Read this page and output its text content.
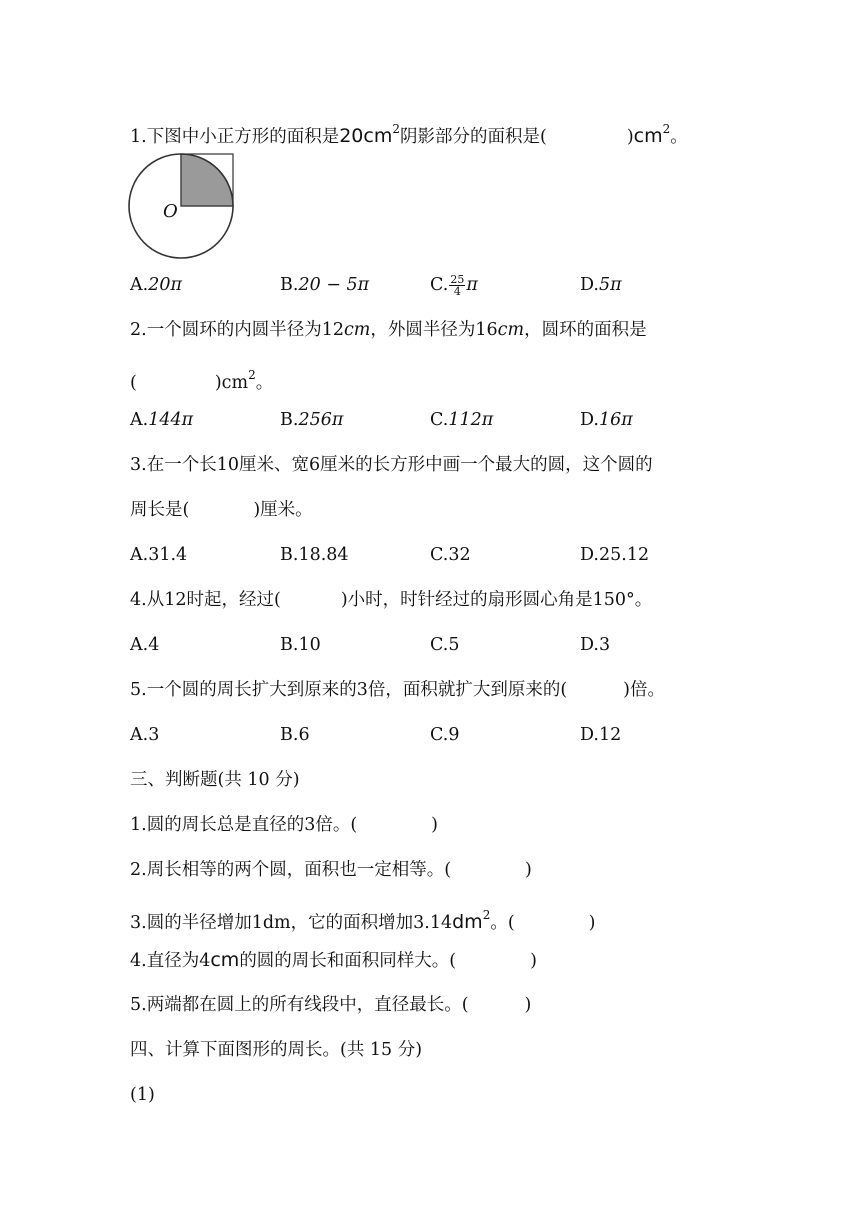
1.下图中小正方形的面积是$20cm^2$阴影部分的面积是(	)$cm^2$。
O
A.20π	B.20 − 5π	C. $\frac{25}{4}$ π	D.5π
2.一个圆环的内圆半径为12cm，外圆半径为16cm，圆环的面积是
(	)$cm^2$。
A.144π	B.256π	C.112π	D.16π
3.在一个长10厘米、宽6厘米的长方形中画一个最大的圆，这个圆的
周长是(	)厘米。
A.31.4	B.18.84	C.32	D.25.12
4.从12时起，经过(	)小时，时针经过的扇形圆心角是150°。
A.4	B.10	C.5	D.3
5.一个圆的周长扩大到原来的3倍，面积就扩大到原来的(	)倍。
A.3	B.6	C.9	D.12
三、判断题(共 10 分)
1.圆的周长总是直径的3倍。(	)
2.周长相等的两个圆，面积也一定相等。(	)
3.圆的半径增加1dm，它的面积增加$3.14dm^2$。(	)
4.直径为4cm的圆的周长和面积同样大。(	)
5.两端都在圆上的所有线段中，直径最长。(	)
四、计算下面图形的周长。(共 15 分)
(1)
